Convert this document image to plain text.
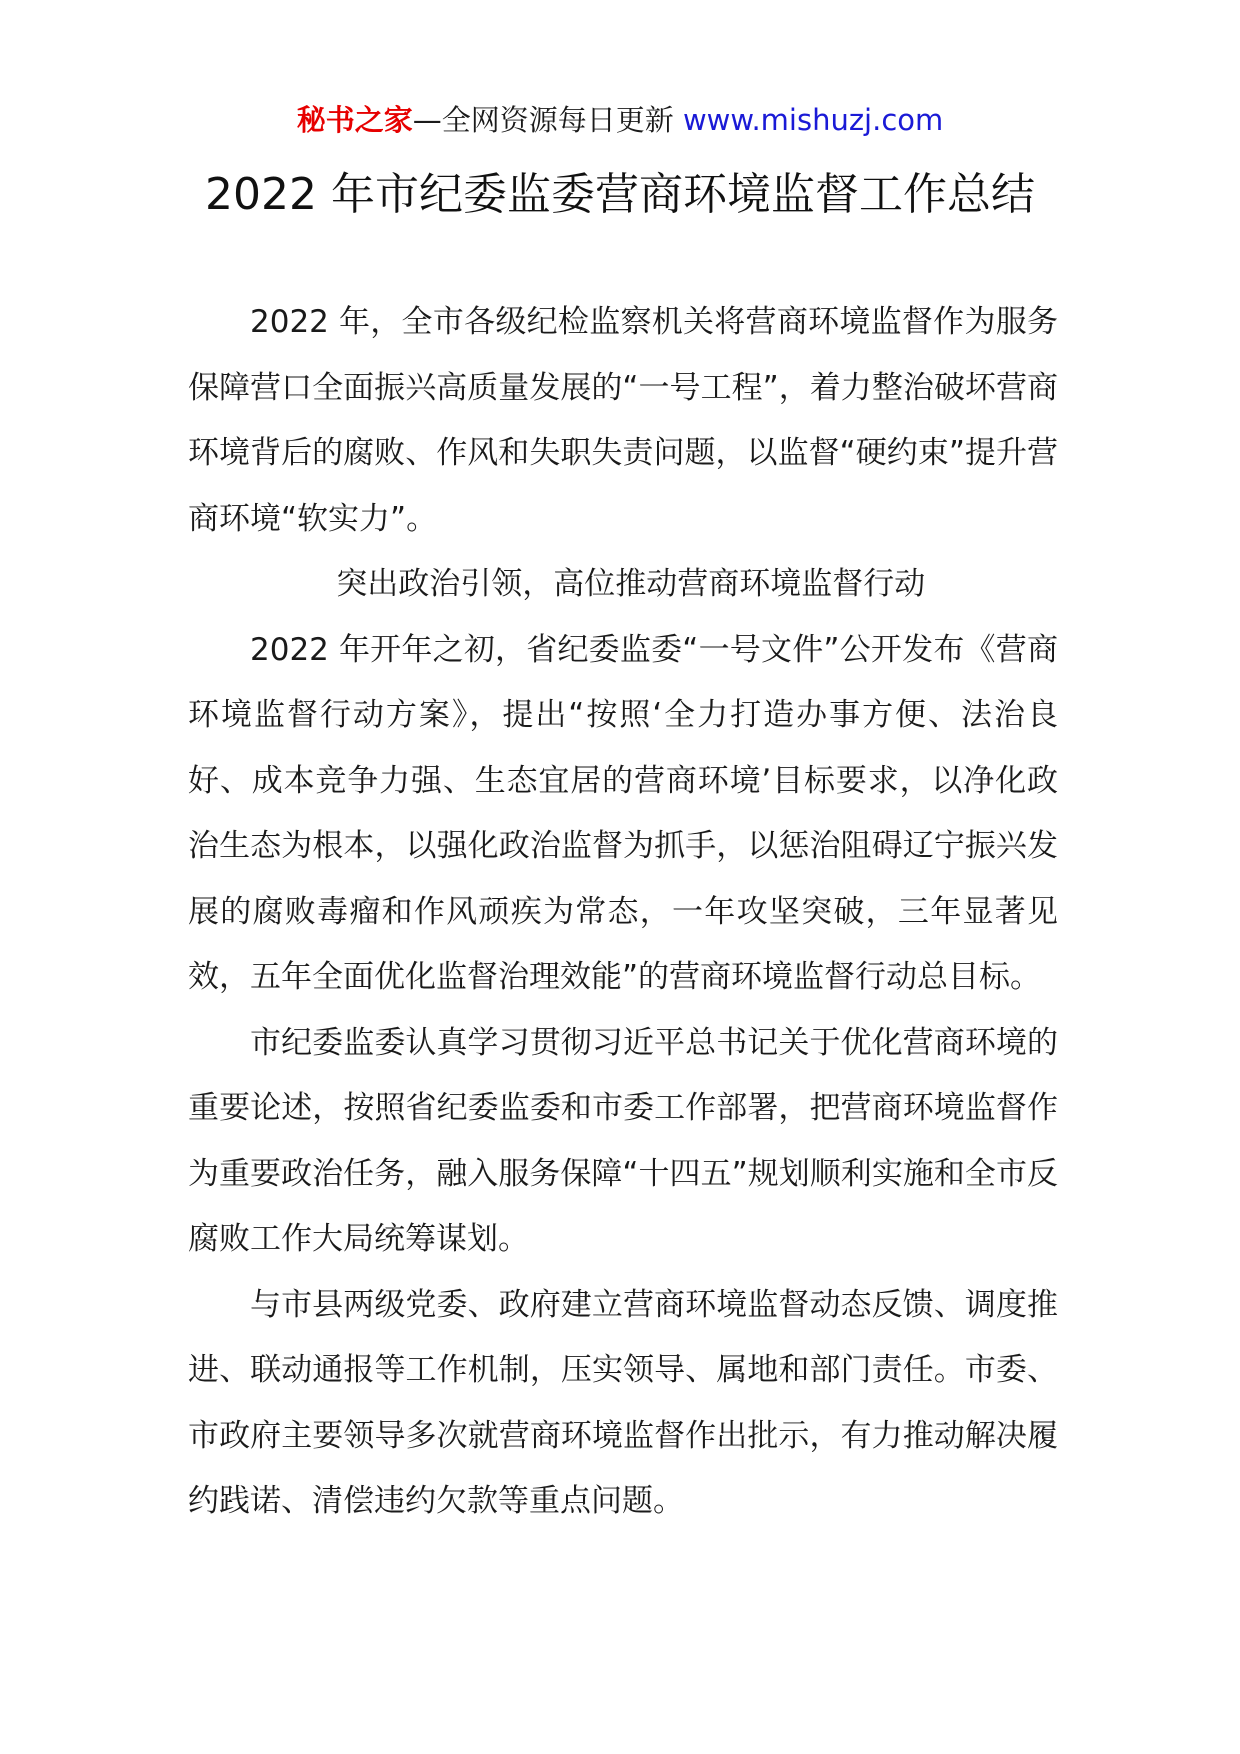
秘书之家—全网资源每日更新 www.mishuzj.com
2022 年市纪委监委营商环境监督工作总结

2022 年，全市各级纪检监察机关将营商环境监督作为服务保障营口全面振兴高质量发展的“一号工程”，着力整治破坏营商环境背后的腐败、作风和失职失责问题，以监督“硬约束”提升营商环境“软实力”。

突出政治引领，高位推动营商环境监督行动

2022 年开年之初，省纪委监委“一号文件”公开发布《营商环境监督行动方案》，提出“按照‘全力打造办事方便、法治良好、成本竞争力强、生态宜居的营商环境’目标要求，以净化政治生态为根本，以强化政治监督为抓手，以惩治阻碍辽宁振兴发展的腐败毒瘤和作风顽疾为常态，一年攻坚突破，三年显著见效，五年全面优化监督治理效能”的营商环境监督行动总目标。

市纪委监委认真学习贯彻习近平总书记关于优化营商环境的重要论述，按照省纪委监委和市委工作部署，把营商环境监督作为重要政治任务，融入服务保障“十四五”规划顺利实施和全市反腐败工作大局统筹谋划。

与市县两级党委、政府建立营商环境监督动态反馈、调度推进、联动通报等工作机制，压实领导、属地和部门责任。市委、市政府主要领导多次就营商环境监督作出批示，有力推动解决履约践诺、清偿违约欠款等重点问题。
